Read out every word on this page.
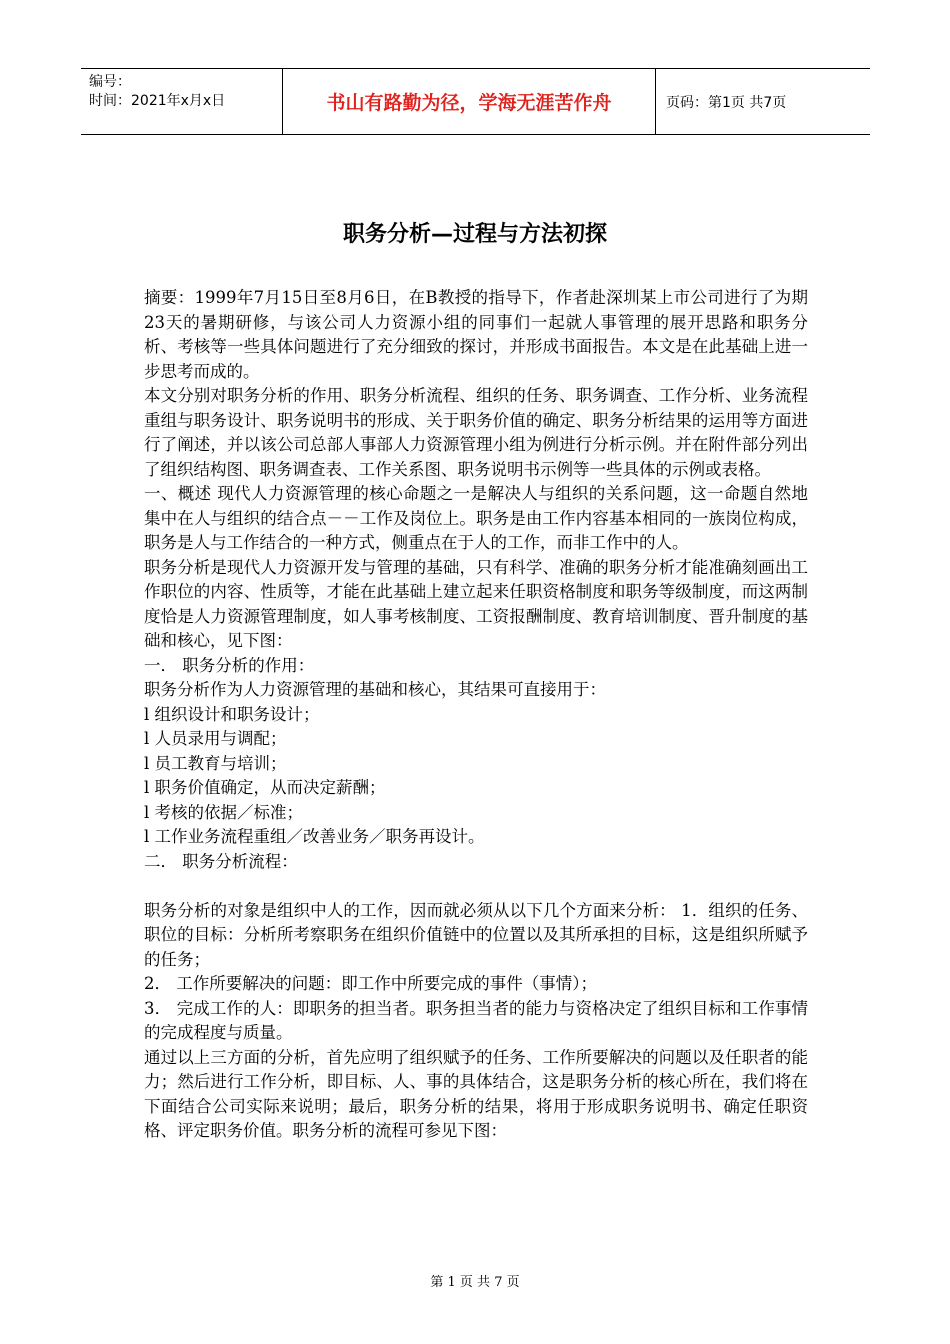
编号：
时间：2021年x月x日	书山有路勤为径，学海无涯苦作舟	页码：第1页 共7页
职务分析—过程与方法初探

摘要：1999年7月15日至8月6日，在B教授的指导下，作者赴深圳某上市公司进行了为期23天的暑期研修，与该公司人力资源小组的同事们一起就人事管理的展开思路和职务分析、考核等一些具体问题进行了充分细致的探讨，并形成书面报告。本文是在此基础上进一步思考而成的。

本文分别对职务分析的作用、职务分析流程、组织的任务、职务调查、工作分析、业务流程重组与职务设计、职务说明书的形成、关于职务价值的确定、职务分析结果的运用等方面进行了阐述，并以该公司总部人事部人力资源管理小组为例进行分析示例。并在附件部分列出了组织结构图、职务调查表、工作关系图、职务说明书示例等一些具体的示例或表格。

一、概述 现代人力资源管理的核心命题之一是解决人与组织的关系问题，这一命题自然地集中在人与组织的结合点－－工作及岗位上。职务是由工作内容基本相同的一族岗位构成，职务是人与工作结合的一种方式，侧重点在于人的工作，而非工作中的人。

职务分析是现代人力资源开发与管理的基础，只有科学、准确的职务分析才能准确刻画出工作职位的内容、性质等，才能在此基础上建立起来任职资格制度和职务等级制度，而这两制度恰是人力资源管理制度，如人事考核制度、工资报酬制度、教育培训制度、晋升制度的基础和核心，见下图：

一． 职务分析的作用：

职务分析作为人力资源管理的基础和核心，其结果可直接用于：

l 组织设计和职务设计；

l 人员录用与调配；

l 员工教育与培训；

l 职务价值确定，从而决定薪酬；

l 考核的依据／标准；

l 工作业务流程重组／改善业务／职务再设计。

二． 职务分析流程：

职务分析的对象是组织中人的工作，因而就必须从以下几个方面来分析： 1．组织的任务、职位的目标：分析所考察职务在组织价值链中的位置以及其所承担的目标，这是组织所赋予的任务；

2． 工作所要解决的问题：即工作中所要完成的事件（事情）；

3． 完成工作的人：即职务的担当者。职务担当者的能力与资格决定了组织目标和工作事情的完成程度与质量。

通过以上三方面的分析，首先应明了组织赋予的任务、工作所要解决的问题以及任职者的能力；然后进行工作分析，即目标、人、事的具体结合，这是职务分析的核心所在，我们将在下面结合公司实际来说明；最后，职务分析的结果，将用于形成职务说明书、确定任职资格、评定职务价值。职务分析的流程可参见下图：

第 1 页 共 7 页
